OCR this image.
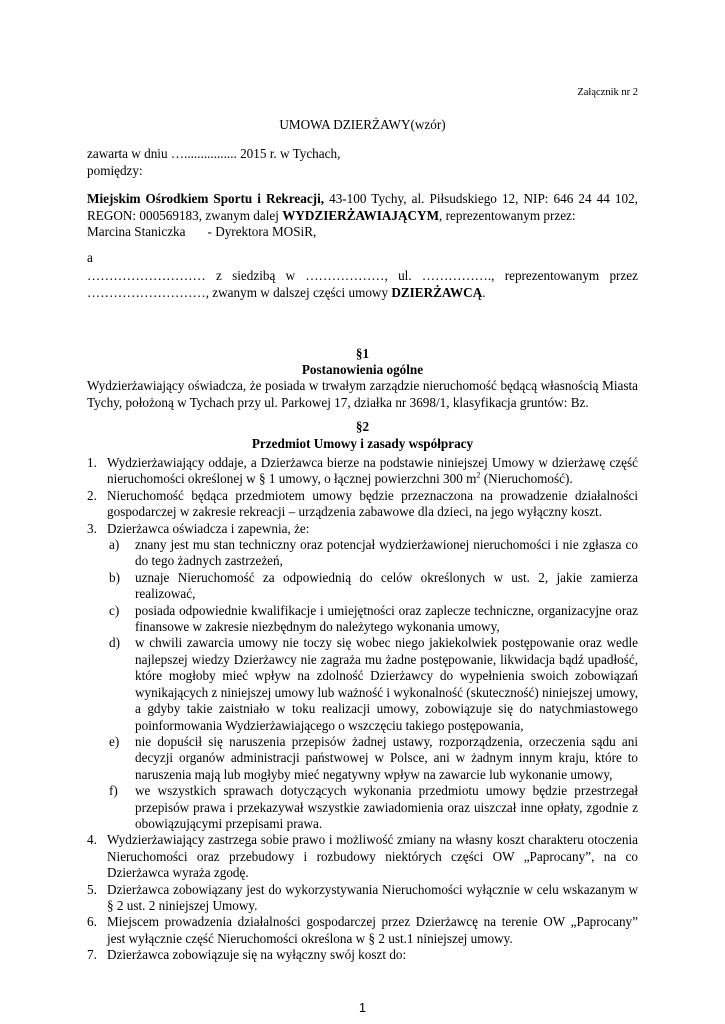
Załącznik nr 2
UMOWA DZIERŻAWY(wzór)
zawarta w dniu …................ 2015 r. w Tychach,
pomiędzy:
Miejskim Ośrodkiem Sportu i Rekreacji, 43-100 Tychy, al. Piłsudskiego 12, NIP: 646 24 44 102,
REGON: 000569183, zwanym dalej WYDZIERŻAWIAJĄCYM, reprezentowanym przez:
Marcina Staniczka - Dyrektora MOSiR,
a
……………………… z siedzibą w ………………, ul. ……………., reprezentowanym przez
………………………, zwanym w dalszej części umowy DZIERŻAWCĄ.
§1
Postanowienia ogólne
Wydzierżawiający oświadcza, że posiada w trwałym zarządzie nieruchomość będącą własnością Miasta Tychy, położoną w Tychach przy ul. Parkowej 17, działka nr 3698/1, klasyfikacja gruntów: Bz.
§2
Przedmiot Umowy i zasady współpracy
1. Wydzierżawiający oddaje, a Dzierżawca bierze na podstawie niniejszej Umowy w dzierżawę część nieruchomości określonej w § 1 umowy, o łącznej powierzchni 300 $m^2$ (Nieruchomość).
2. Nieruchomość będąca przedmiotem umowy będzie przeznaczona na prowadzenie działalności gospodarczej w zakresie rekreacji – urządzenia zabawowe dla dzieci, na jego wyłączny koszt.
3. Dzierżawca oświadcza i zapewnia, że:
a) znany jest mu stan techniczny oraz potencjał wydzierżawionej nieruchomości i nie zgłasza co do tego żadnych zastrzeżeń,
b) uznaje Nieruchomość za odpowiednią do celów określonych w ust. 2, jakie zamierza realizować,
c) posiada odpowiednie kwalifikacje i umiejętności oraz zaplecze techniczne, organizacyjne oraz finansowe w zakresie niezbędnym do należytego wykonania umowy,
d) w chwili zawarcia umowy nie toczy się wobec niego jakiekolwiek postępowanie oraz wedle najlepszej wiedzy Dzierżawcy nie zagraża mu żadne postępowanie, likwidacja bądź upadłość, które mogłoby mieć wpływ na zdolność Dzierżawcy do wypełnienia swoich zobowiązań wynikających z niniejszej umowy lub ważność i wykonalność (skuteczność) niniejszej umowy, a gdyby takie zaistniało w toku realizacji umowy, zobowiązuje się do natychmiastowego poinformowania Wydzierżawiającego o wszczęciu takiego postępowania,
e) nie dopuścił się naruszenia przepisów żadnej ustawy, rozporządzenia, orzeczenia sądu ani decyzji organów administracji państwowej w Polsce, ani w żadnym innym kraju, które to naruszenia mają lub mogłyby mieć negatywny wpływ na zawarcie lub wykonanie umowy,
f) we wszystkich sprawach dotyczących wykonania przedmiotu umowy będzie przestrzegał przepisów prawa i przekazywał wszystkie zawiadomienia oraz uiszczał inne opłaty, zgodnie z obowiązującymi przepisami prawa.
4. Wydzierżawiający zastrzega sobie prawo i możliwość zmiany na własny koszt charakteru otoczenia Nieruchomości oraz przebudowy i rozbudowy niektórych części OW „Paprocany”, na co Dzierżawca wyraża zgodę.
5. Dzierżawca zobowiązany jest do wykorzystywania Nieruchomości wyłącznie w celu wskazanym w § 2 ust. 2 niniejszej Umowy.
6. Miejscem prowadzenia działalności gospodarczej przez Dzierżawcę na terenie OW „Paprocany” jest wyłącznie część Nieruchomości określona w § 2 ust.1 niniejszej umowy.
7. Dzierżawca zobowiązuje się na wyłączny swój koszt do:
1
